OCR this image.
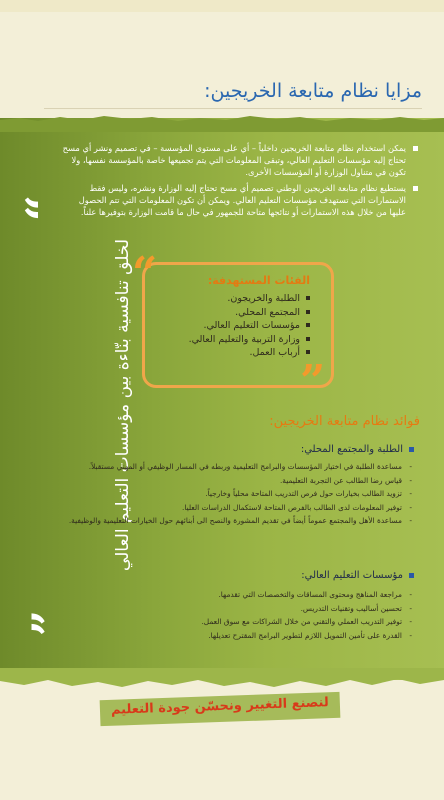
مزايا نظام متابعة الخريجين:
“
لخلق تنافسية بنّاءة بين مؤسسات التعليم العالي
”
يمكن استخدام نظام متابعة الخريجين داخلياً – أي على مستوى المؤسسة – في تصميم ونشر أي مسح تحتاج إليه مؤسسات التعليم العالي، وتبقى المعلومات التي يتم تجميعها خاصة بالمؤسسة نفسها، ولا تكون في متناول الوزارة أو المؤسسات الأخرى.
يستطيع نظام متابعة الخريجين الوطني تصميم أي مسح تحتاج إليه الوزارة ونشره، وليس فقط الاستمارات التي تستهدف مؤسسات التعليم العالي. ويمكن أن تكون المعلومات التي تتم الحصول عليها من خلال هذه الاستمارات أو نتائجها متاحة للجمهور في حال ما قامت الوزارة بتوفيرها علناً.
“
”
الفئات المستهدفة:
الطلبة والخريجون.
المجتمع المحلي.
مؤسسات التعليم العالي.
وزارة التربية والتعليم العالي.
أرباب العمل.
فوائد نظام متابعة الخريجين:
الطلبة والمجتمع المحلي:
- مساعدة الطلبة في اختيار المؤسسات والبرامج التعليمية وربطه في المسار الوظيفي أو المهني مستقبلاً.
- قياس رضا الطالب عن التجربة التعليمية.
- تزويد الطالب بخيارات حول فرص التدريب المتاحة محلياً وخارجياً.
- توفير المعلومات لدى الطالب بالفرص المتاحة لاستكمال الدراسات العليا.
- مساعدة الأهل والمجتمع عموماً أيضاً في تقديم المشورة والنصح الى أبنائهم حول الخيارات التعليمية والوظيفية.
مؤسسات التعليم العالي:
- مراجعة المناهج ومحتوى المساقات والتخصصات التي تقدمها.
- تحسين أساليب وتقنيات التدريس.
- توفير التدريب العملي والتقني من خلال الشراكات مع سوق العمل.
- القدرة على تأمين التمويل اللازم لتطوير البرامج المقترح تعديلها.
لنصنع التغيير ونحسّن جودة التعليم
